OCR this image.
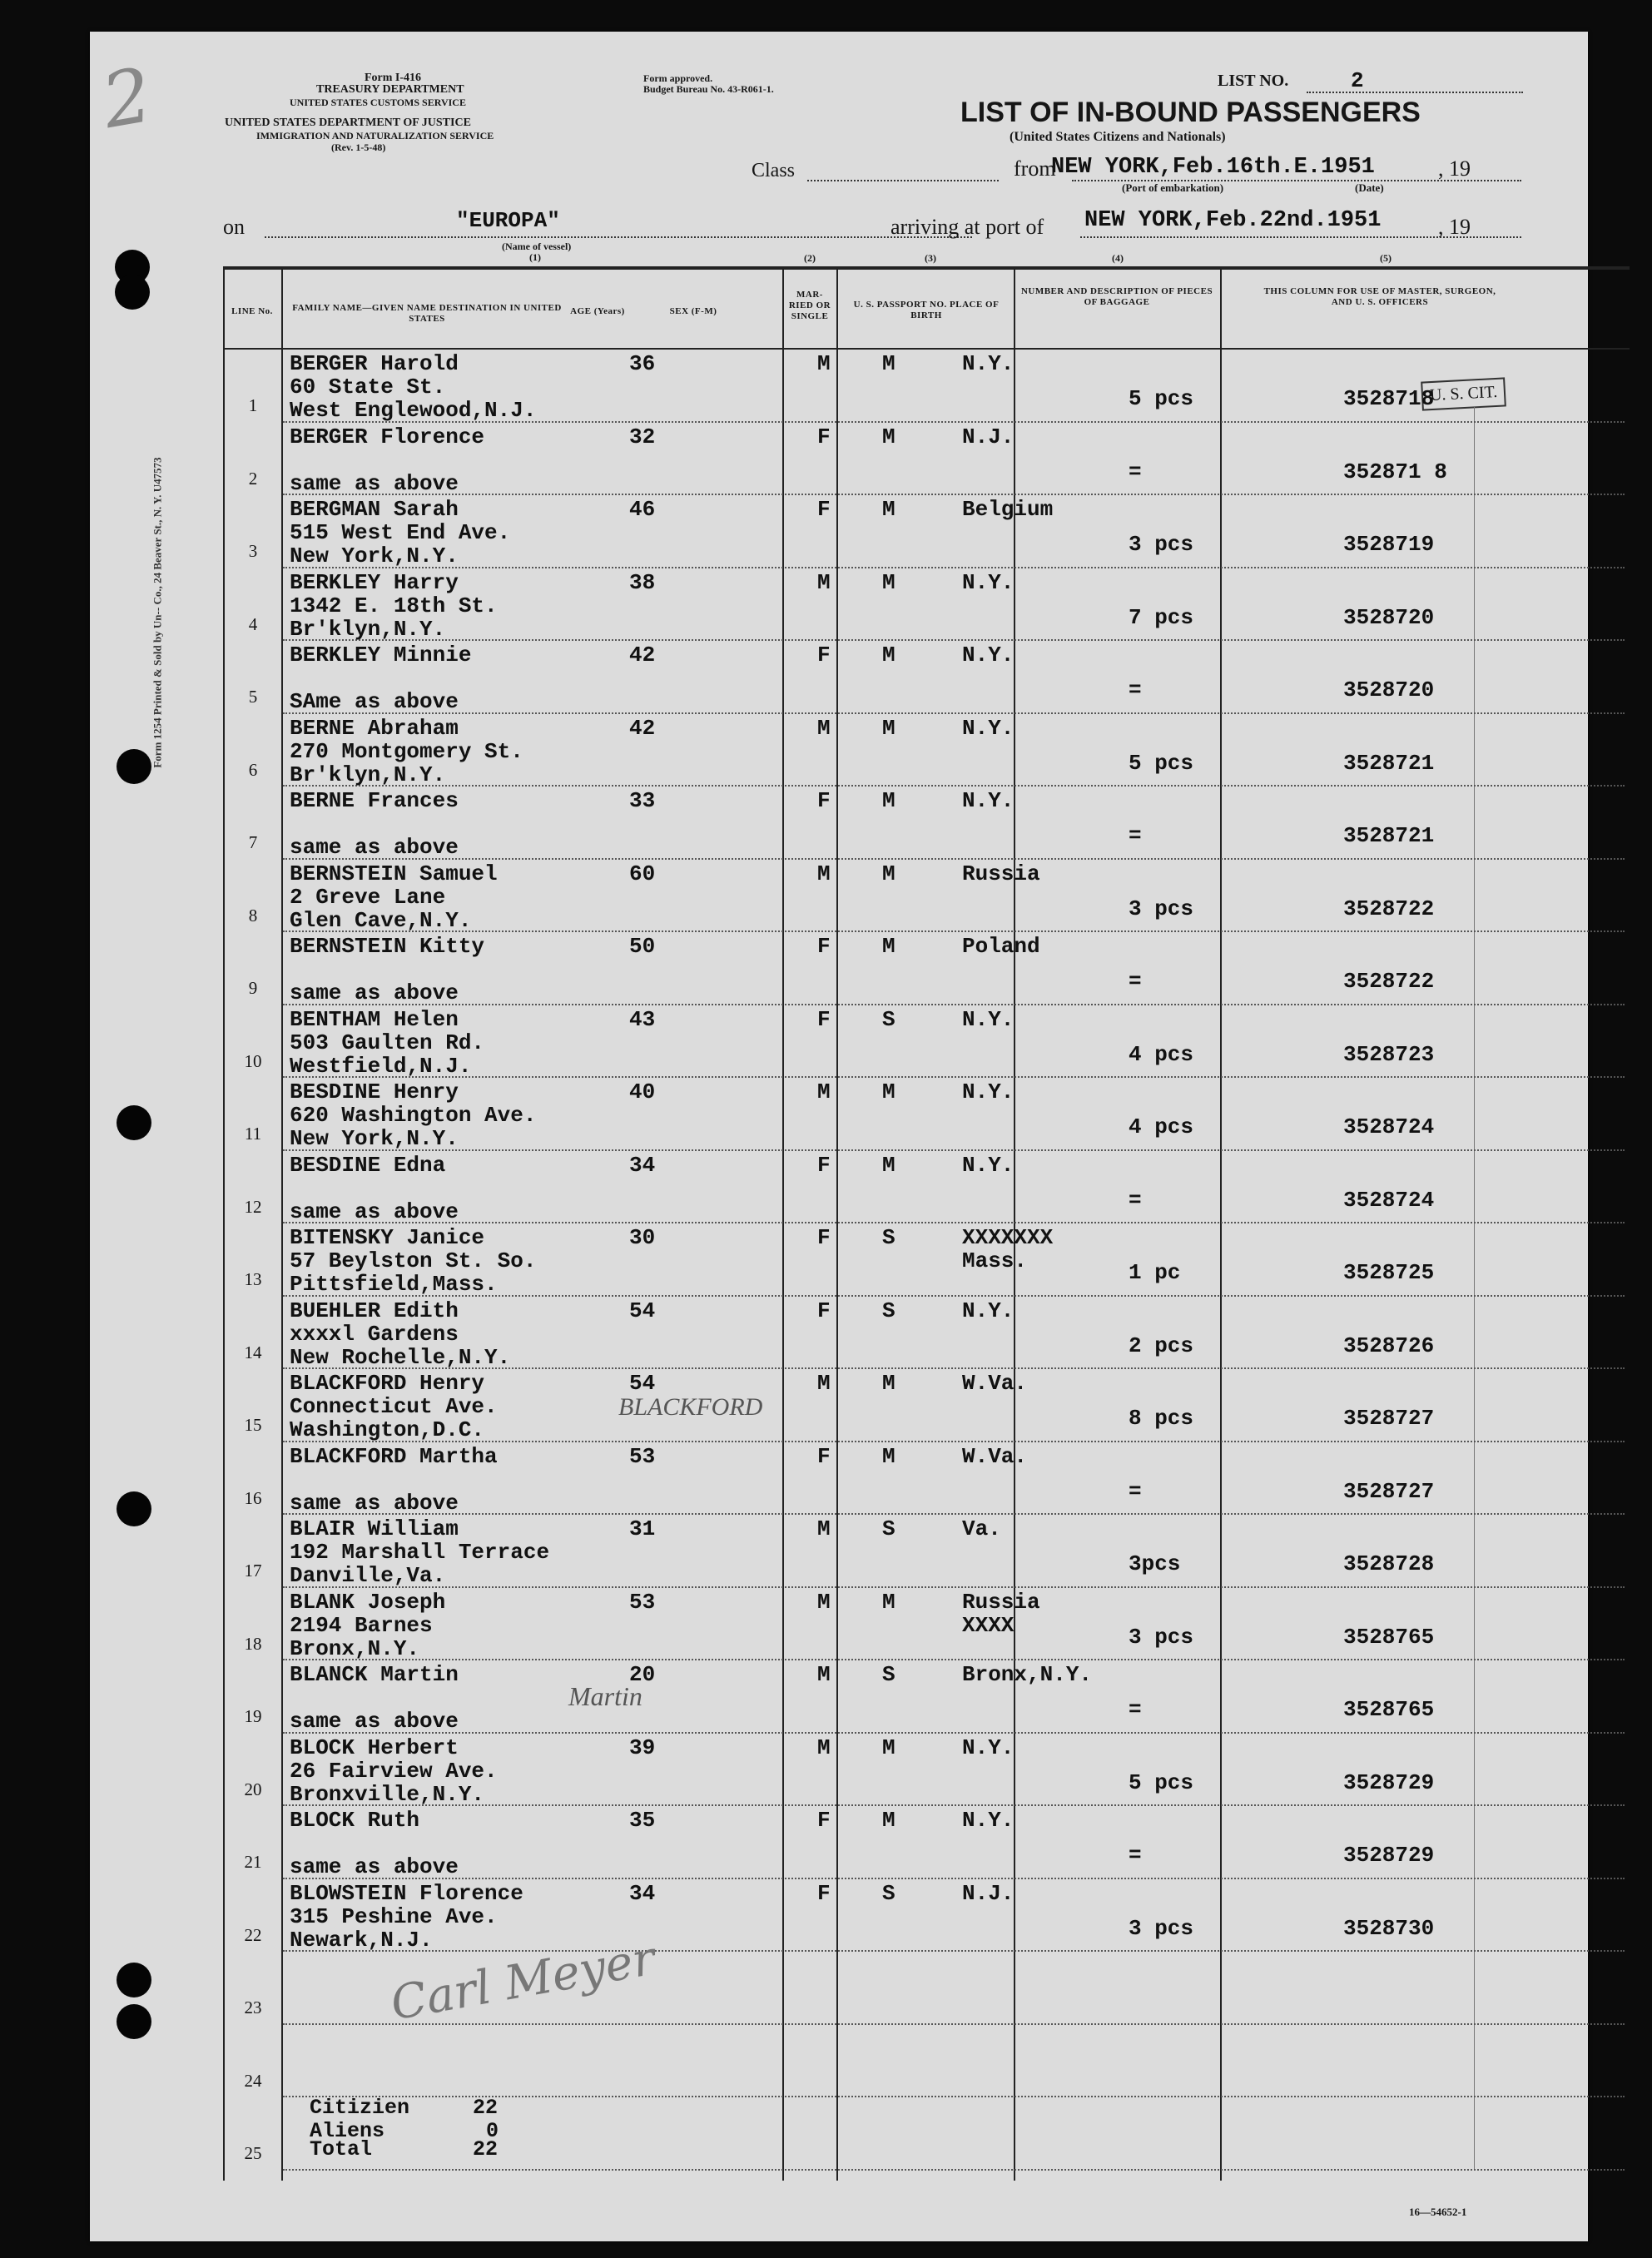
Form I-416
TREASURY DEPARTMENT
UNITED STATES CUSTOMS SERVICE
UNITED STATES DEPARTMENT OF JUSTICE
IMMIGRATION AND NATURALIZATION SERVICE
(Rev. 1-5-48)
Form approved.
Budget Bureau No. 43-R061-1.	LIST NO.	2
LIST OF IN-BOUND PASSENGERS
(United States Citizens and Nationals)
Class	from
NEW YORK,Feb.16th.E.1951	, 19
(Port of embarkation)	(Date)
on	"EUROPA"
(Name of vessel)
(1)
arriving at port of NEW YORK,Feb.22nd.1951	, 19
Form 1254 Printed & Sold by Un-- Co., 24 Beaver St., N. Y. U47573
(2)	(3)	(4)	(5)
LINE No.	FAMILY NAME—GIVEN NAME DESTINATION IN UNITED STATES
AGE (Years)	SEX (F-M)
MAR-RIED OR SINGLE
U. S. PASSPORT NO. PLACE OF BIRTH
NUMBER AND DESCRIPTION OF PIECES OF BAGGAGE
THIS COLUMN FOR USE OF MASTER, SURGEON, AND U. S. OFFICERS
U. S. CIT.
1
BERGER Harold
60 State St.
West Englewood,N.J.
36	M M	N.Y.
5 pcs	3528718
2
BERGER Florence
same as above
32	F M	N.J.
=	352871 8
3
BERGMAN Sarah
515 West End Ave.
New York,N.Y.
46	F M	Belgium
3 pcs	3528719
4
BERKLEY Harry
1342 E. 18th St.
Br'klyn,N.Y.
38	M M	N.Y.
7 pcs	3528720
5
BERKLEY Minnie
SAme as above
42	F M	N.Y.
=	3528720
6
BERNE Abraham
270 Montgomery St.
Br'klyn,N.Y.
42	M M	N.Y.
5 pcs	3528721
7
BERNE Frances
same as above
33	F M	N.Y.
=	3528721
8
BERNSTEIN Samuel
2 Greve Lane
Glen Cave,N.Y.
60	M M	Russia
3 pcs	3528722
9
BERNSTEIN Kitty
same as above
50	F M	Poland
=	3528722
10
BENTHAM Helen
503 Gaulten Rd.
Westfield,N.J.
43	F S	N.Y.
4 pcs	3528723
11
BESDINE Henry
620 Washington Ave.
New York,N.Y.
40	M M	N.Y.
4 pcs	3528724
12
BESDINE Edna
same as above
34	F M	N.Y.
=	3528724
13
BITENSKY Janice
57 Beylston St. So.
Pittsfield,Mass.
30	F S	XXXXXXX
Mass.	1 pc	3528725
14
BUEHLER Edith
xxxxl Gardens
New Rochelle,N.Y.
54	F S	N.Y.
2 pcs	3528726
15
BLACKFORD Henry
Connecticut Ave.
Washington,D.C.
54	M M	W.Va.
8 pcs	3528727
16
BLACKFORD Martha
same as above
53	F M	W.Va.
=	3528727
17
BLAIR William
192 Marshall Terrace
Danville,Va.
31	M S	Va.
3pcs	3528728
18
BLANK Joseph
2194 Barnes
Bronx,N.Y.
53	M M	Russia
XXXX	3 pcs	3528765
19
BLANCK Martin
same as above
20	M S	Bronx,N.Y.
=	3528765
20
BLOCK Herbert
26 Fairview Ave.
Bronxville,N.Y.
39	M M	N.Y.
5 pcs	3528729
21
BLOCK Ruth
same as above
35	F M	N.Y.
=	3528729
22
BLOWSTEIN Florence
315 Peshine Ave.
Newark,N.J.
34	F S	N.J.
3 pcs	3528730
23
24
25
Citizien	22
Aliens	0
Total	22
2
BLACKFORD
Martin
Carl Meyer
16—54652-1
